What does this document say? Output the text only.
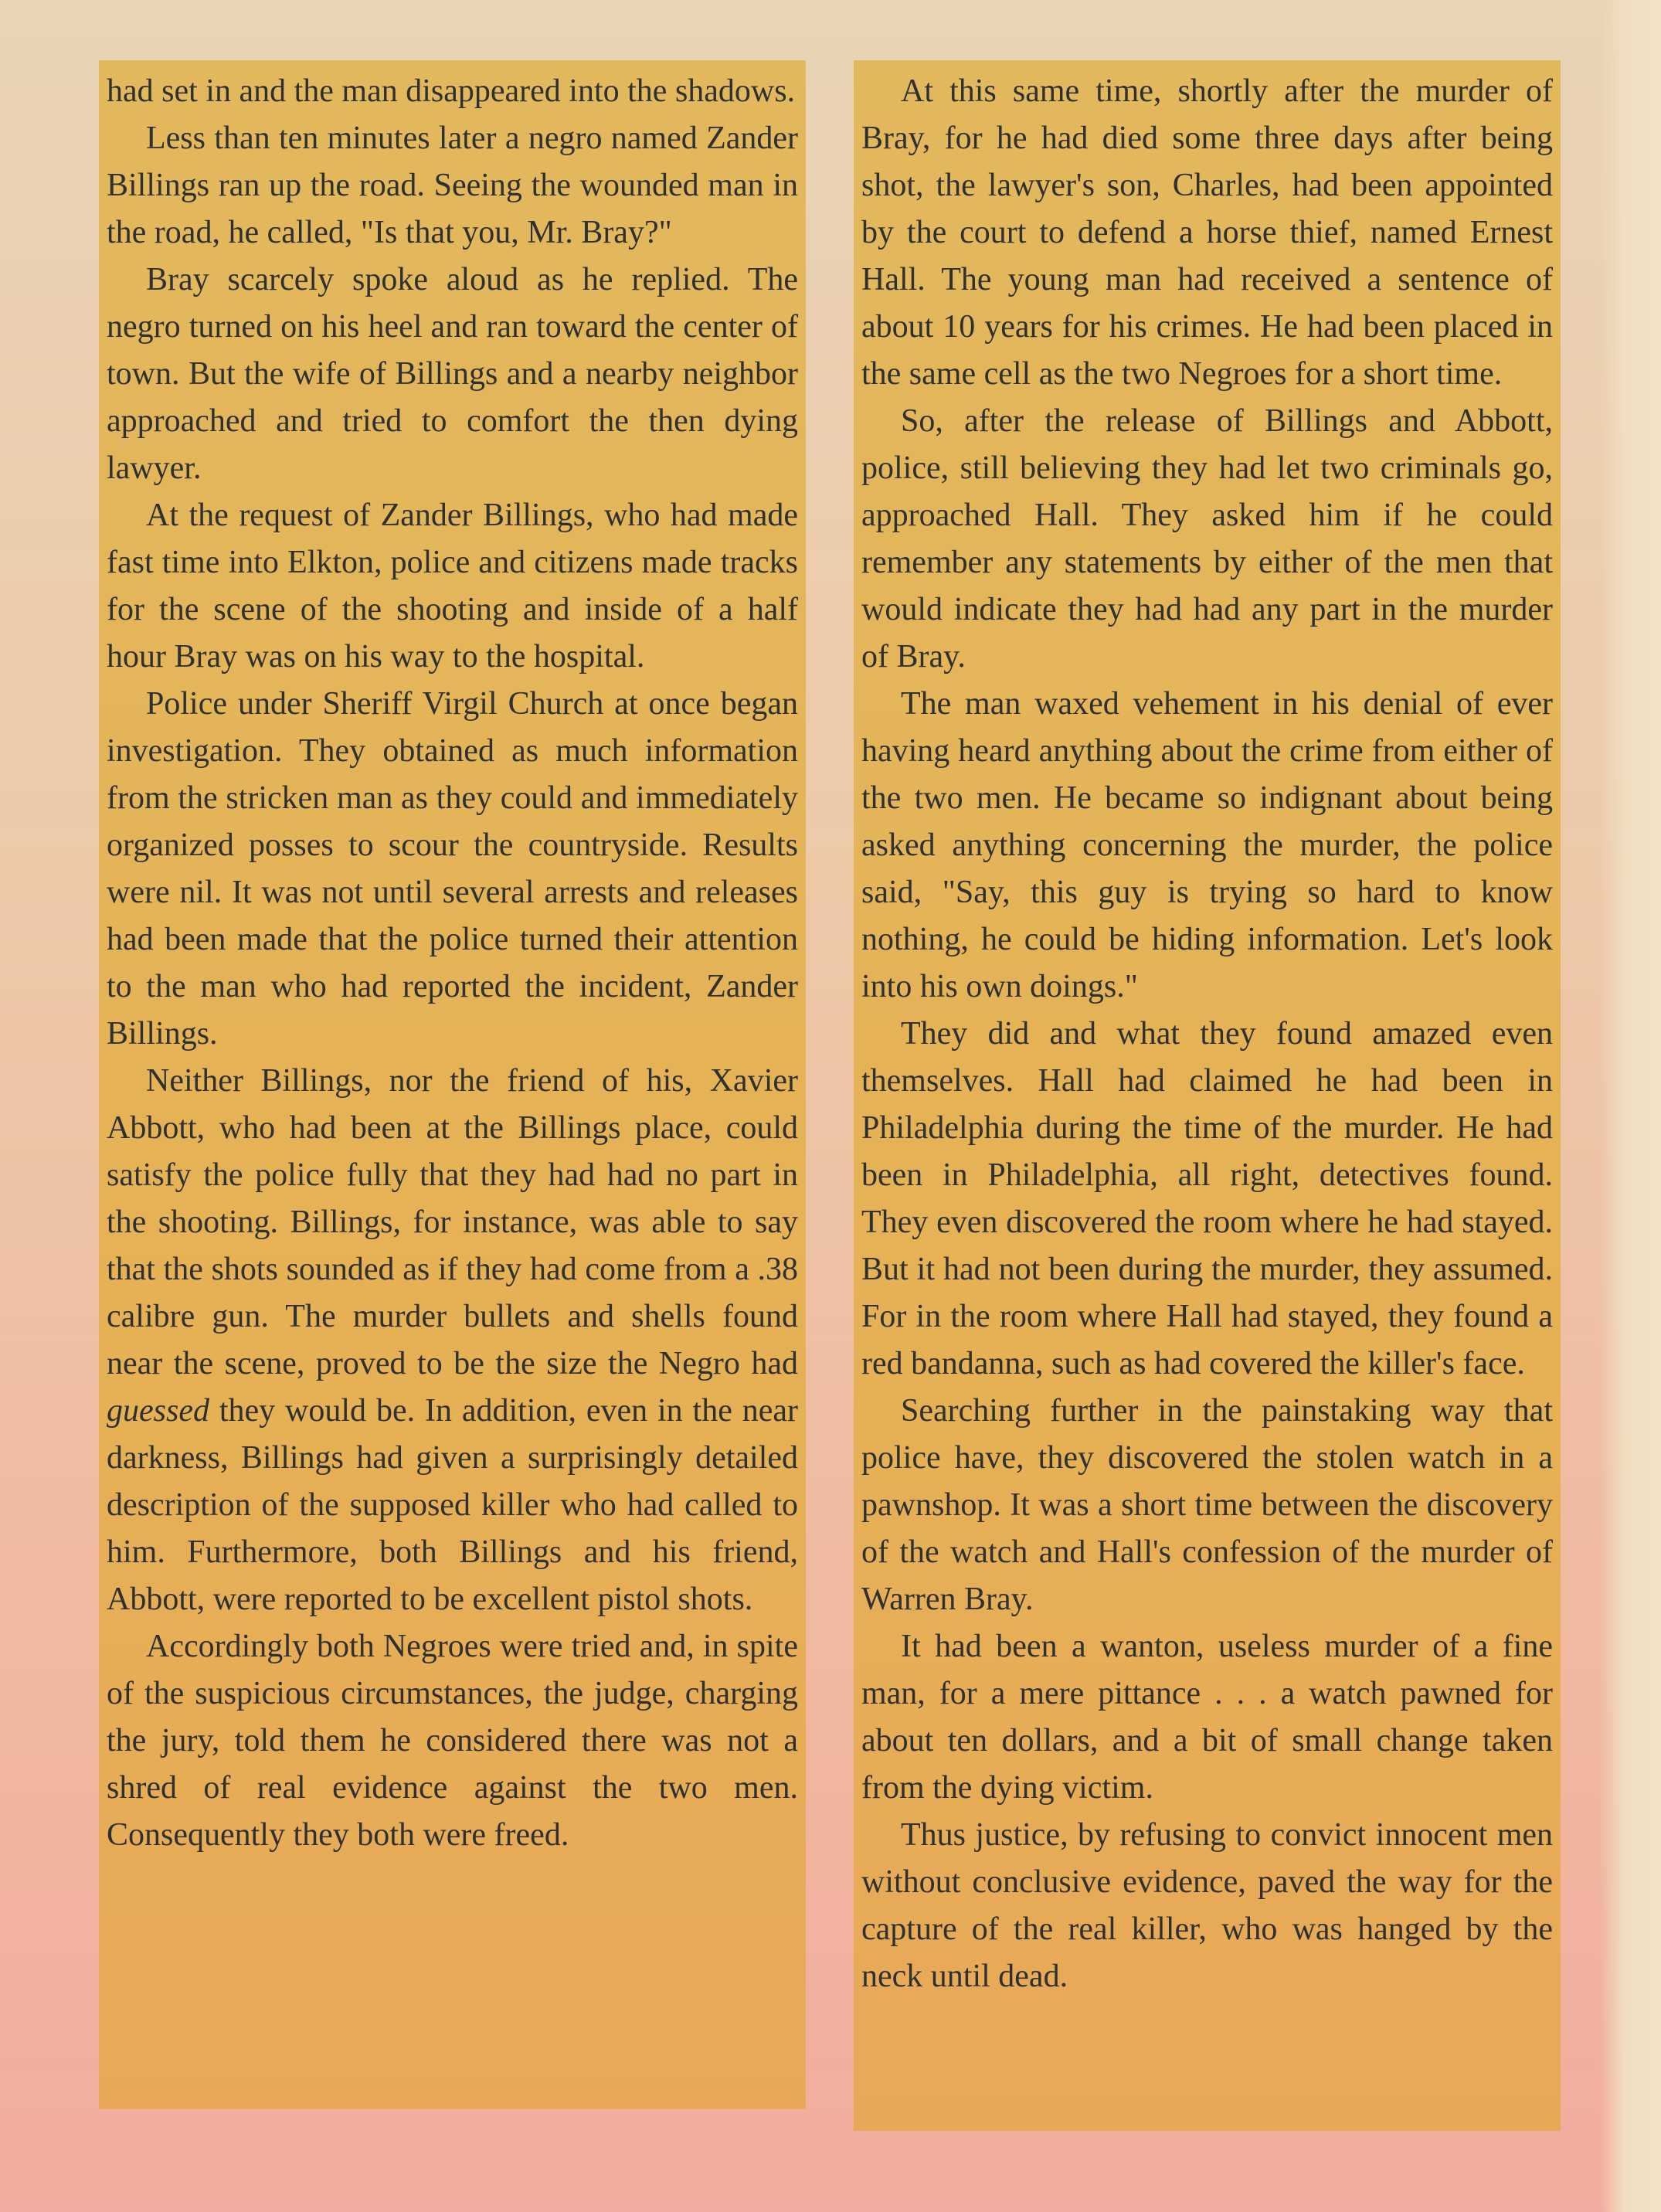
had set in and the man disappeared into the shadows.

Less than ten minutes later a negro named Zander Billings ran up the road. Seeing the wounded man in the road, he called, "Is that you, Mr. Bray?"

Bray scarcely spoke aloud as he replied. The negro turned on his heel and ran toward the center of town. But the wife of Billings and a nearby neighbor approached and tried to comfort the then dying lawyer.

At the request of Zander Billings, who had made fast time into Elkton, police and citizens made tracks for the scene of the shooting and inside of a half hour Bray was on his way to the hospital.

Police under Sheriff Virgil Church at once began investigation. They obtained as much information from the stricken man as they could and immediately organized posses to scour the countryside. Results were nil. It was not until several arrests and releases had been made that the police turned their attention to the man who had reported the incident, Zander Billings.

Neither Billings, nor the friend of his, Xavier Abbott, who had been at the Billings place, could satisfy the police fully that they had had no part in the shooting. Billings, for instance, was able to say that the shots sounded as if they had come from a .38 calibre gun. The murder bullets and shells found near the scene, proved to be the size the Negro had guessed they would be. In addition, even in the near darkness, Billings had given a surprisingly detailed description of the supposed killer who had called to him. Furthermore, both Billings and his friend, Abbott, were reported to be excellent pistol shots.

Accordingly both Negroes were tried and, in spite of the suspicious circumstances, the judge, charging the jury, told them he considered there was not a shred of real evidence against the two men. Consequently they both were freed.

At this same time, shortly after the murder of Bray, for he had died some three days after being shot, the lawyer's son, Charles, had been appointed by the court to defend a horse thief, named Ernest Hall. The young man had received a sentence of about 10 years for his crimes. He had been placed in the same cell as the two Negroes for a short time.

So, after the release of Billings and Abbott, police, still believing they had let two criminals go, approached Hall. They asked him if he could remember any statements by either of the men that would indicate they had had any part in the murder of Bray.

The man waxed vehement in his denial of ever having heard anything about the crime from either of the two men. He became so indignant about being asked anything concerning the murder, the police said, "Say, this guy is trying so hard to know nothing, he could be hiding information. Let's look into his own doings."

They did and what they found amazed even themselves. Hall had claimed he had been in Philadelphia during the time of the murder. He had been in Philadelphia, all right, detectives found. They even discovered the room where he had stayed. But it had not been during the murder, they assumed. For in the room where Hall had stayed, they found a red bandanna, such as had covered the killer's face.

Searching further in the painstaking way that police have, they discovered the stolen watch in a pawnshop. It was a short time between the discovery of the watch and Hall's confession of the murder of Warren Bray.

It had been a wanton, useless murder of a fine man, for a mere pittance . . . a watch pawned for about ten dollars, and a bit of small change taken from the dying victim.

Thus justice, by refusing to convict innocent men without conclusive evidence, paved the way for the capture of the real killer, who was hanged by the neck until dead.
